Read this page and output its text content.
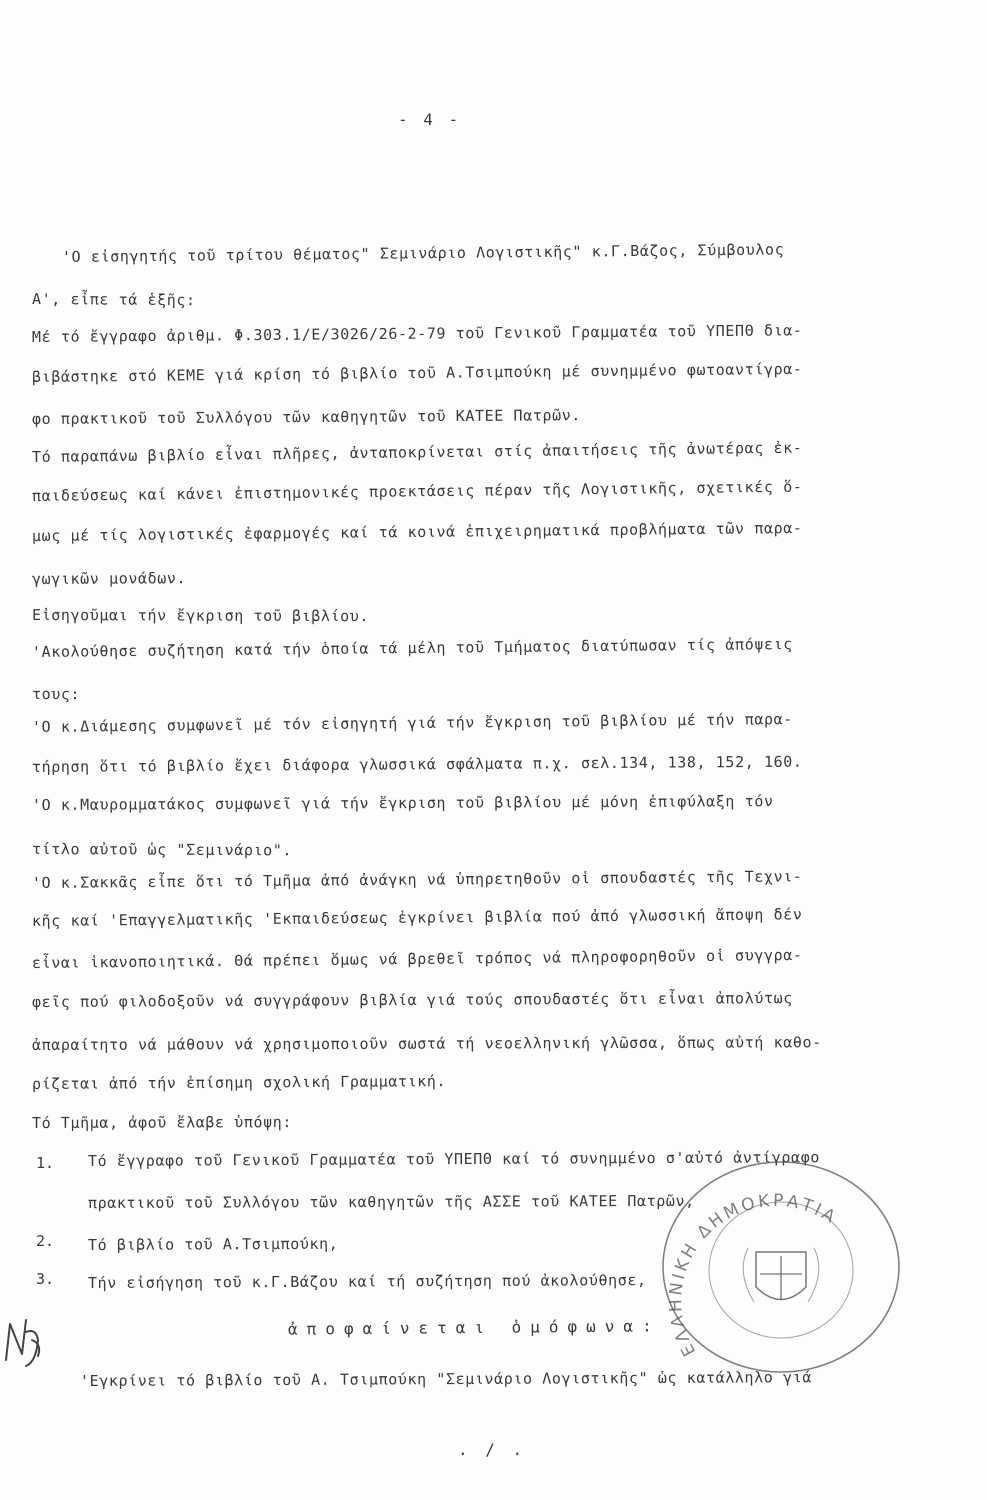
- 4 -
'Ο εἰσηγητής τοῦ τρίτου θέματος" Σεμινάριο Λογιστικῆς" κ.Γ.Βάζος, Σύμβουλος
Α', εἶπε τά ἑξῆς:
Μέ τό ἔγγραφο ἀριθμ. Φ.303.1/Ε/3026/26-2-79 τοῦ Γενικοῦ Γραμματέα τοῦ ΥΠΕΠΘ δια-
βιβάστηκε στό ΚΕΜΕ γιά κρίση τό βιβλίο τοῦ Α.Τσιμπούκη μέ συνημμένο φωτοαντίγρα-
φο πρακτικοῦ τοῦ Συλλόγου τῶν καθηγητῶν τοῦ ΚΑΤΕΕ Πατρῶν.
Τό παραπάνω βιβλίο εἶναι πλῆρες, ἀνταποκρίνεται στίς ἀπαιτήσεις τῆς ἀνωτέρας ἐκ-
παιδεύσεως καί κάνει ἐπιστημονικές προεκτάσεις πέραν τῆς Λογιστικῆς, σχετικές ὅ-
μως μέ τίς λογιστικές ἐφαρμογές καί τά κοινά ἐπιχειρηματικά προβλήματα τῶν παρα-
γωγικῶν μονάδων.
Εἰσηγοῦμαι τήν ἔγκριση τοῦ βιβλίου.
'Ακολούθησε συζήτηση κατά τήν ὁποία τά μέλη τοῦ Τμήματος διατύπωσαν τίς ἀπόψεις
τους:
'Ο κ.Διάμεσης συμφωνεῖ μέ τόν εἰσηγητή γιά τήν ἔγκριση τοῦ βιβλίου μέ τήν παρα-
τήρηση ὅτι τό βιβλίο ἔχει διάφορα γλωσσικά σφάλματα π.χ. σελ.134, 138, 152, 160.
'Ο κ.Μαυρομματάκος συμφωνεῖ γιά τήν ἔγκριση τοῦ βιβλίου μέ μόνη ἐπιφύλαξη τόν
τίτλο αὐτοῦ ὡς "Σεμινάριο".
'Ο κ.Σακκᾶς εἶπε ὅτι τό Τμῆμα ἀπό ἀνάγκη νά ὑπηρετηθοῦν οἱ σπουδαστές τῆς Τεχνι-
κῆς καί 'Επαγγελματικῆς 'Εκπαιδεύσεως ἐγκρίνει βιβλία πού ἀπό γλωσσική ἄποψη δέν
εἶναι ἱκανοποιητικά. Θά πρέπει ὅμως νά βρεθεῖ τρόπος νά πληροφορηθοῦν οἱ συγγρα-
φεῖς πού φιλοδοξοῦν νά συγγράφουν βιβλία γιά τούς σπουδαστές ὅτι εἶναι ἀπολύτως
ἀπαραίτητο νά μάθουν νά χρησιμοποιοῦν σωστά τή νεοελληνική γλῶσσα, ὅπως αὐτή καθο-
ρίζεται ἀπό τήν ἐπίσημη σχολική Γραμματική.
Τό Τμῆμα, ἀφοῦ ἔλαβε ὑπόψη:
1. Τό ἔγγραφο τοῦ Γενικοῦ Γραμματέα τοῦ ΥΠΕΠΘ καί τό συνημμένο σ'αὐτό ἀντίγραφο
πρακτικοῦ τοῦ Συλλόγου τῶν καθηγητῶν τῆς ΑΣΣΕ τοῦ ΚΑΤΕΕ Πατρῶν,
2. Τό βιβλίο τοῦ Α.Τσιμπούκη,
3. Τήν εἰσήγηση τοῦ κ.Γ.Βάζου καί τή συζήτηση πού ἀκολούθησε,
ἀποφαίνεται ὁμόφωνα:
'Εγκρίνει τό βιβλίο τοῦ Α. Τσιμπούκη "Σεμινάριο Λογιστικῆς" ὡς κατάλληλο γιά
. / .
ΕΛΛΗΝΙΚΗ ΔΗΜΟΚΡΑΤΙΑ
